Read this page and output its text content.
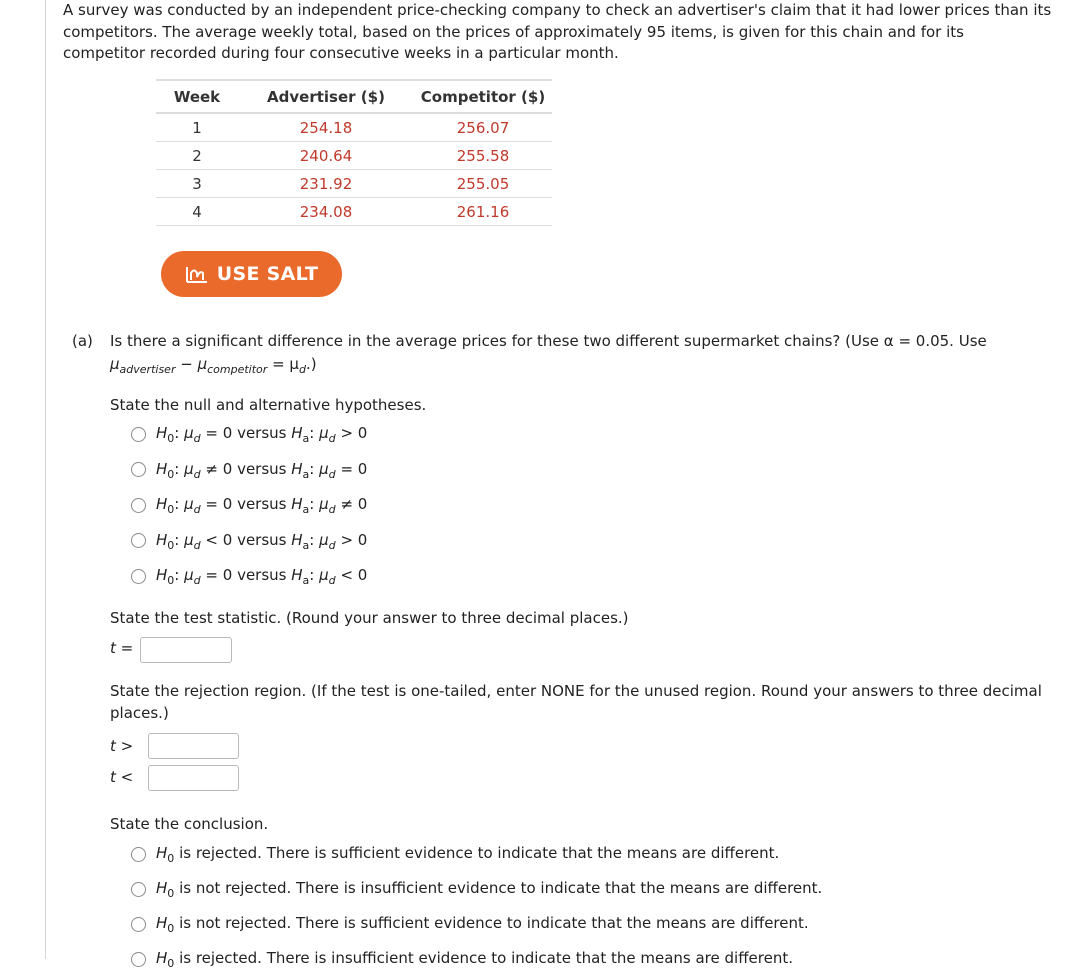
A survey was conducted by an independent price-checking company to check an advertiser's claim that it had lower prices than its
competitors. The average weekly total, based on the prices of approximately 95 items, is given for this chain and for its
competitor recorded during four consecutive weeks in a particular month.
Week	Advertiser ($)	Competitor ($)
1	254.18	256.07
2	240.64	255.58
3	231.92	255.05
4	234.08	261.16
USE SALT
(a) Is there a significant difference in the average prices for these two different supermarket chains? (Use α = 0.05. Use
$\mu_{advertiser} - \mu_{competitor} = \mu_d$.)
State the null and alternative hypotheses.
$H_0$: $\mu_d = 0$ versus $H_a$: $\mu_d > 0$
$H_0$: $\mu_d \ne 0$ versus $H_a$: $\mu_d = 0$
$H_0$: $\mu_d = 0$ versus $H_a$: $\mu_d \ne 0$
$H_0$: $\mu_d < 0$ versus $H_a$: $\mu_d > 0$
$H_0$: $\mu_d = 0$ versus $H_a$: $\mu_d < 0$
State the test statistic. (Round your answer to three decimal places.)
t =
State the rejection region. (If the test is one-tailed, enter NONE for the unused region. Round your answers to three decimal
places.)
t >
t <
State the conclusion.
$H_0$ is rejected. There is sufficient evidence to indicate that the means are different.
$H_0$ is not rejected. There is insufficient evidence to indicate that the means are different.
$H_0$ is not rejected. There is sufficient evidence to indicate that the means are different.
$H_0$ is rejected. There is insufficient evidence to indicate that the means are different.
